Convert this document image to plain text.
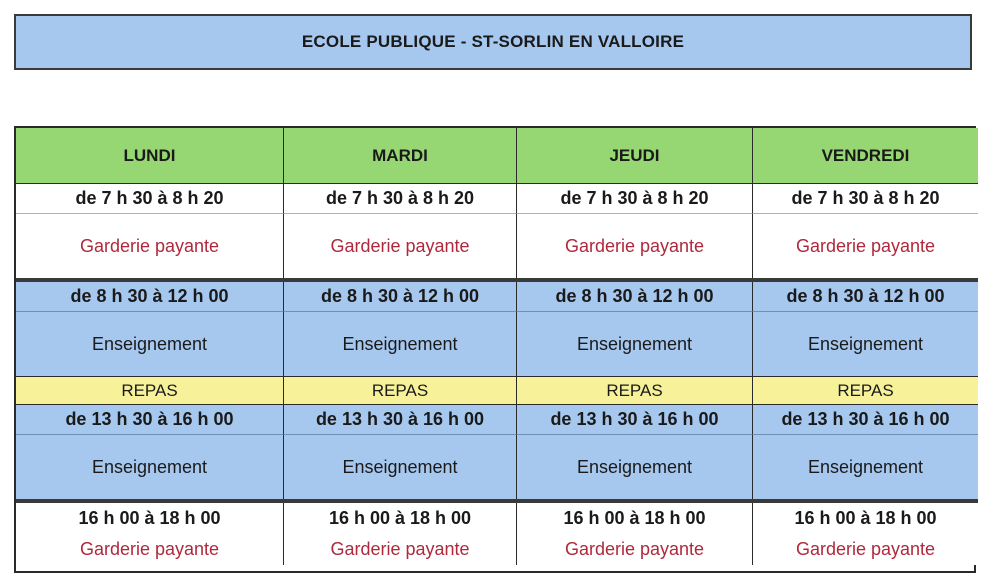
ECOLE PUBLIQUE - ST-SORLIN EN VALLOIRE
LUNDI	MARDI	JEUDI	VENDREDI
de 7 h 30 à 8 h 20	de 7 h 30 à 8 h 20	de 7 h 30 à 8 h 20	de 7 h 30 à 8 h 20
Garderie payante	Garderie payante	Garderie payante	Garderie payante
de 8 h 30 à 12 h 00	de 8 h 30 à 12 h 00	de 8 h 30 à 12 h 00	de 8 h 30 à 12 h 00
Enseignement	Enseignement	Enseignement	Enseignement
REPAS	REPAS	REPAS	REPAS
de 13 h 30 à 16 h 00	de 13 h 30 à 16 h 00	de 13 h 30 à 16 h 00	de 13 h 30 à 16 h 00
Enseignement	Enseignement	Enseignement	Enseignement
16 h 00 à 18 h 00	16 h 00 à 18 h 00	16 h 00 à 18 h 00	16 h 00 à 18 h 00
Garderie payante	Garderie payante	Garderie payante	Garderie payante
